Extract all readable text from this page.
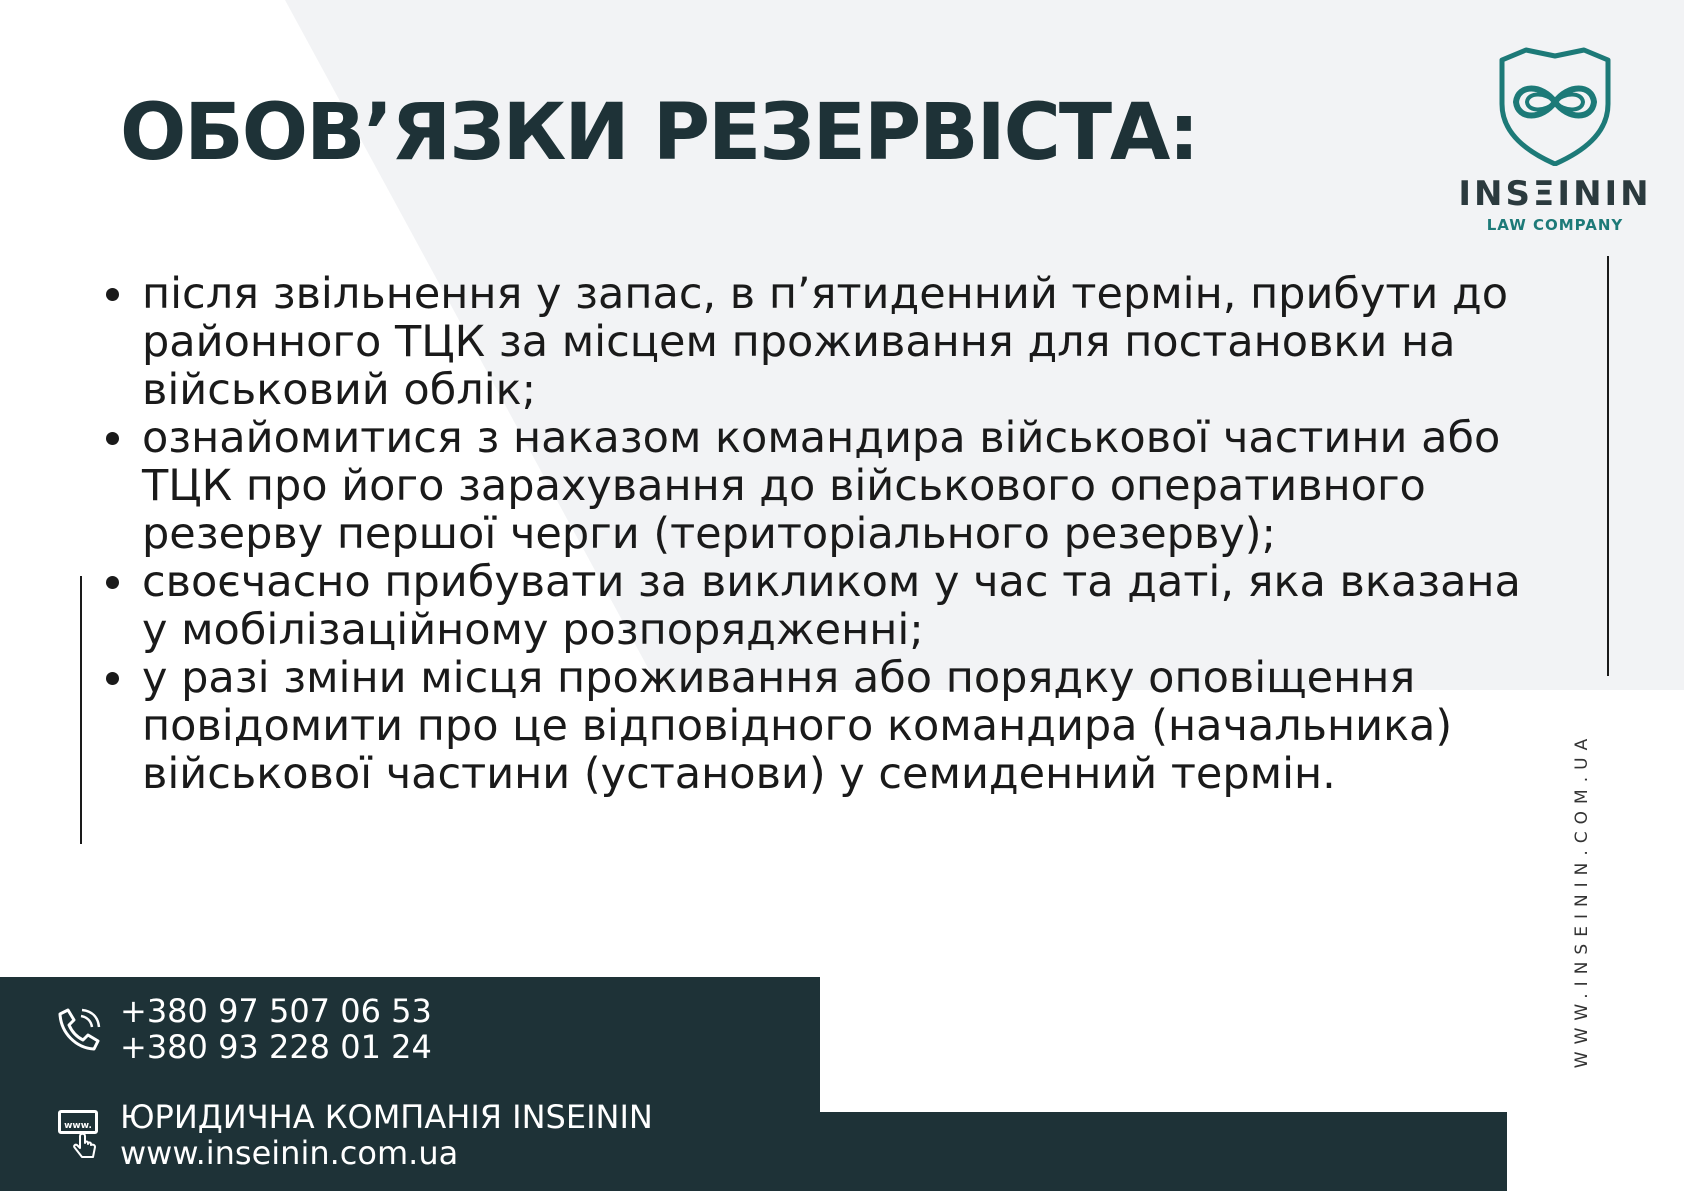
ОБОВ’ЯЗКИ РЕЗЕРВІСТА:
INSΞININ
LAW COMPANY
після звільнення у запас, в п’ятиденний термін, прибути до районного ТЦК за місцем проживання для постановки на військовий облік;
ознайомитися з наказом командира військової частини або ТЦК про його зарахування до військового оперативного резерву першої черги (територіального резерву);
своєчасно прибувати за викликом у час та даті, яка вказана у мобілізаційному розпорядженні;
у разі зміни місця проживання або порядку оповіщення повідомити про це відповідного командира (начальника) військової частини (установи) у семиденний термін.
+380 97 507 06 53
+380 93 228 01 24
www. ЮРИДИЧНА КОМПАНІЯ INSEININ
www.inseinin.com.ua
WWW.INSEININ.COM.UA
